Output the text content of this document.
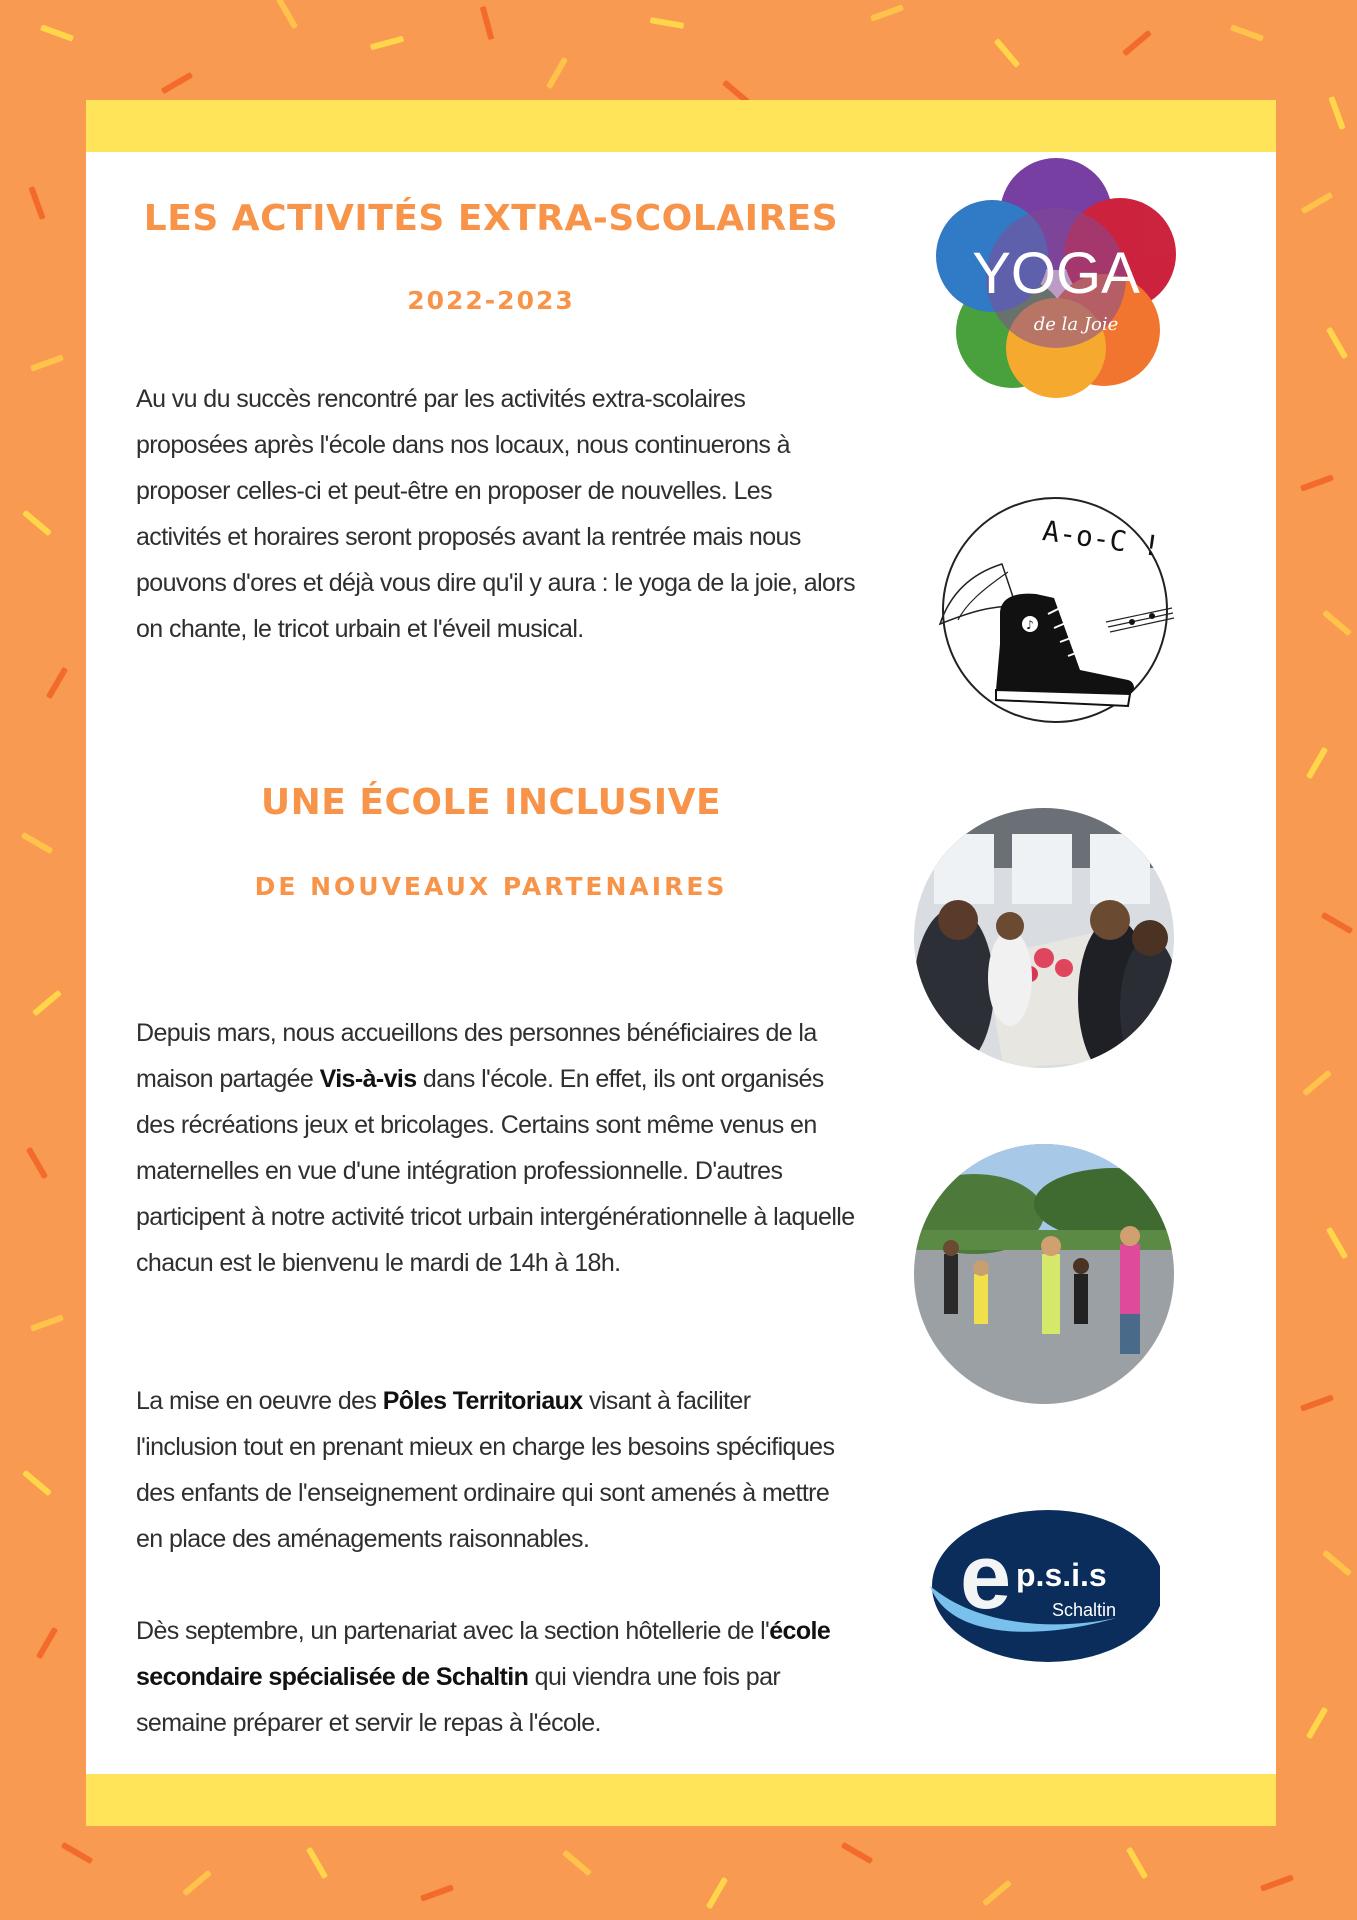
LES ACTIVITÉS EXTRA-SCOLAIRES
2022-2023

Au vu du succès rencontré par les activités extra-scolaires proposées après l'école dans nos locaux, nous continuerons à proposer celles-ci et peut-être en proposer de nouvelles. Les activités et horaires seront proposés avant la rentrée mais nous pouvons d'ores et déjà vous dire qu'il y aura : le yoga de la joie, alors on chante, le tricot urbain et l'éveil musical.

UNE ÉCOLE INCLUSIVE
DE NOUVEAUX PARTENAIRES

Depuis mars, nous accueillons des personnes bénéficiaires de la maison partagée Vis-à-vis dans l'école. En effet, ils ont organisés des récréations jeux et bricolages. Certains sont même venus en maternelles en vue d'une intégration professionnelle. D'autres participent à notre activité tricot urbain intergénérationnelle à laquelle chacun est le bienvenu le mardi de 14h à 18h.

La mise en oeuvre des Pôles Territoriaux visant à faciliter l'inclusion tout en prenant mieux en charge les besoins spécifiques des enfants de l'enseignement ordinaire qui sont amenés à mettre en place des aménagements raisonnables.

Dès septembre, un partenariat avec la section hôtellerie de l'école secondaire spécialisée de Schaltin qui viendra une fois par semaine préparer et servir le repas à l'école.

YOGA
de la Joie
A-o-C !
♪
e p.s.i.s
Schaltin
